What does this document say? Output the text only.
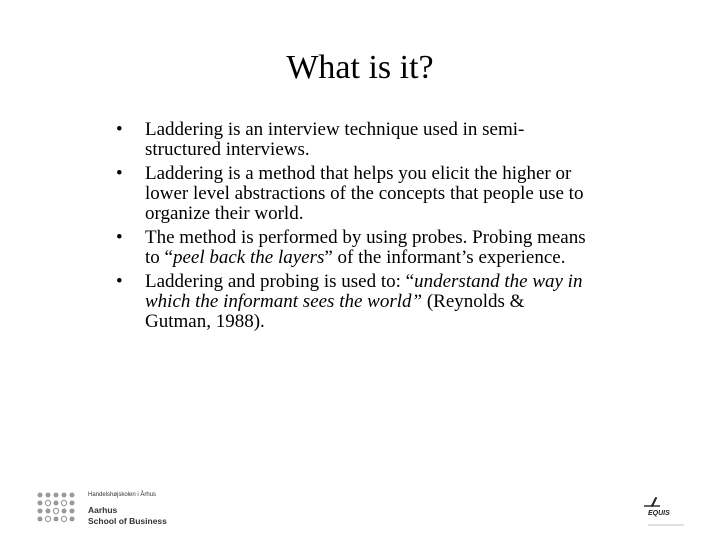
What is it?
• Laddering is an interview technique used in semi-structured interviews.
• Laddering is a method that helps you elicit the higher or lower level abstractions of the concepts that people use to organize their world.
• The method is performed by using probes. Probing means to “peel back the layers” of the informant’s experience.
• Laddering and probing is used to: “understand the way in which the informant sees the world” (Reynolds & Gutman, 1988).
Handelshøjskolen i Århus
Aarhus
School of Business
EQUIS
